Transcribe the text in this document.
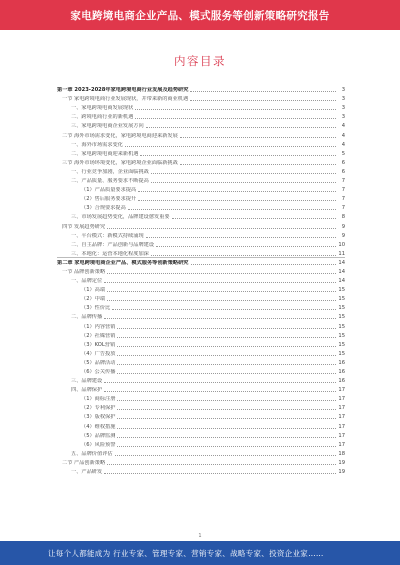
家电跨境电商企业产品、模式服务等创新策略研究报告
内容目录
第一章 2023-2028年家电跨境电商行业发展及趋势研究	3
一节 家电跨境电商行业发展现状，并带来新的商业机遇	3
一、家电跨境电商发展现状	3
二、跨境电商行业的新机遇	3
三、家电跨境电商企业发展方向	4
二节 海外市场需求变化，家电跨境电商迎来新发展	4
一、海外市场需求变化	4
二、家电跨境电商迎来新机遇	5
三节 海外市场环境变化，家电跨境企业面临新挑战	6
一、行业竞争加剧，企业面临挑战	6
二、产品质量、服务要求不断提高	7
（1）产品质量要求提高	7
（2）售后服务要求提升	7
（3）合规要求提高	7
三、市场发展趋势变化，品牌建设愈发重要	8
四节 发展趋势研究	9
一、平台模式：新模式持续涌现	9
二、自主品牌：产品创新与品牌建设	10
三、本地化：运营本地化程度加深	11
第二章 家电跨境电商企业产品、模式服务等创新策略研究	14
一节 品牌创新策略	14
一、品牌定位	14
（1）高端	15
（2）中端	15
（3）性价比	15
二、品牌传播	15
（1）内容营销	15
（2）社媒营销	15
（3）KOL营销	15
（4）广告投放	15
（5）品牌活动	16
（6）公关传播	16
三、品牌建设	16
四、品牌保护	17
（1）商标注册	17
（2）专利保护	17
（3）版权保护	17
（4）维权措施	17
（5）品牌监测	17
（6）风险预警	17
五、品牌价值评估	18
二节 产品创新策略	19
一、产品研发	19
1
让每个人都能成为 行业专家、管理专家、营销专家、战略专家、投资企业家……
